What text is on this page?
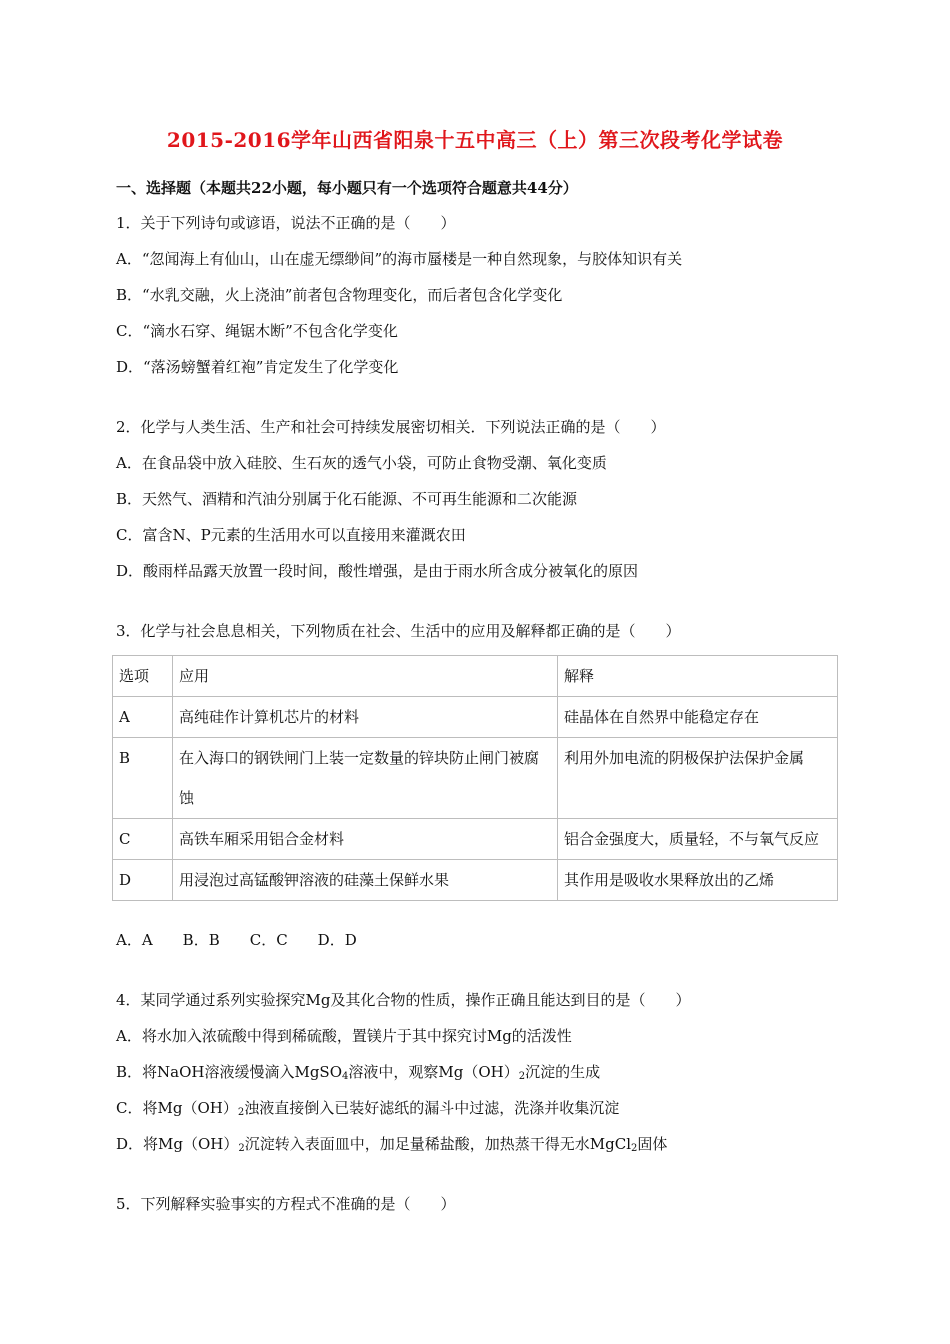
2015-2016学年山西省阳泉十五中高三（上）第三次段考化学试卷
一、选择题（本题共22小题，每小题只有一个选项符合题意共44分）
1．关于下列诗句或谚语，说法不正确的是（　　）
A．“忽闻海上有仙山，山在虚无缥缈间”的海市蜃楼是一种自然现象，与胶体知识有关
B．“水乳交融，火上浇油”前者包含物理变化，而后者包含化学变化
C．“滴水石穿、绳锯木断”不包含化学变化
D．“落汤螃蟹着红袍”肯定发生了化学变化
2．化学与人类生活、生产和社会可持续发展密切相关．下列说法正确的是（　　）
A．在食品袋中放入硅胶、生石灰的透气小袋，可防止食物受潮、氧化变质
B．天然气、酒精和汽油分别属于化石能源、不可再生能源和二次能源
C．富含N、P元素的生活用水可以直接用来灌溉农田
D．酸雨样品露天放置一段时间，酸性增强，是由于雨水所含成分被氧化的原因
3．化学与社会息息相关，下列物质在社会、生活中的应用及解释都正确的是（　　）
选项	应用	解释

A	高纯硅作计算机芯片的材料	硅晶体在自然界中能稳定存在

B	在入海口的钢铁闸门上装一定数量的锌块防止闸门被腐蚀	利用外加电流的阴极保护法保护金属

C	高铁车厢采用铝合金材料	铝合金强度大，质量轻，不与氧气反应

D	用浸泡过高锰酸钾溶液的硅藻土保鲜水果	其作用是吸收水果释放出的乙烯
A．A　　B．B　　C．C　　D．D
4．某同学通过系列实验探究Mg及其化合物的性质，操作正确且能达到目的是（　　）
A．将水加入浓硫酸中得到稀硫酸，置镁片于其中探究讨Mg的活泼性
B．将NaOH溶液缓慢滴入MgSO$_4$溶液中，观察$Mg(OH)_2$沉淀的生成
C．将$Mg(OH)_2$浊液直接倒入已装好滤纸的漏斗中过滤，洗涤并收集沉淀
D．将$Mg(OH)_2$沉淀转入表面皿中，加足量稀盐酸，加热蒸干得无水MgCl$_2$固体
5．下列解释实验事实的方程式不准确的是（　　）
